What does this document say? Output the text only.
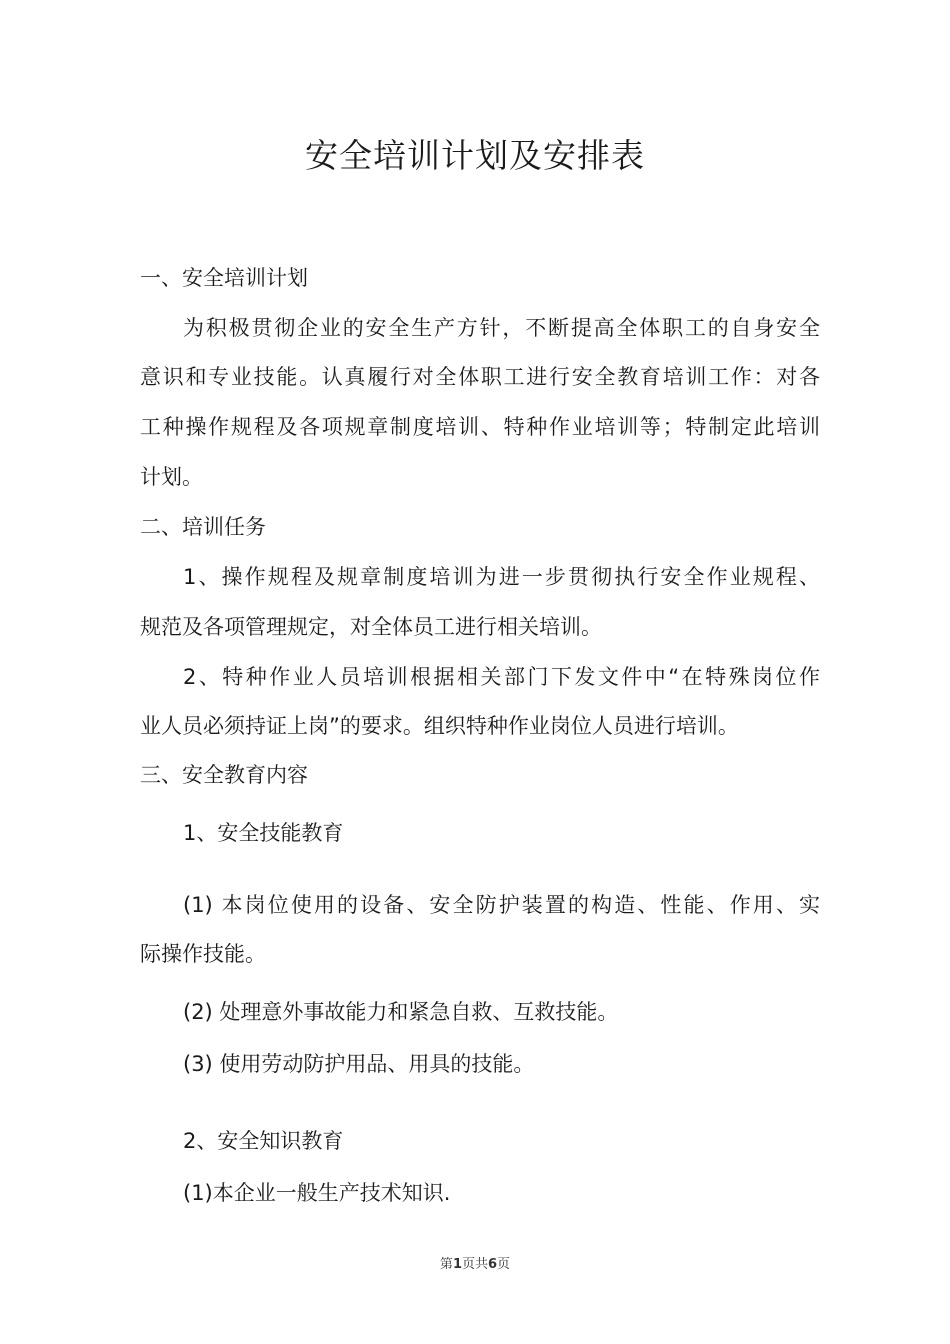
安全培训计划及安排表
一、安全培训计划
为积极贯彻企业的安全生产方针，不断提高全体职工的自身安全
意识和专业技能。认真履行对全体职工进行安全教育培训工作：对各
工种操作规程及各项规章制度培训、特种作业培训等；特制定此培训
计划。
二、培训任务
1、操作规程及规章制度培训为进一步贯彻执行安全作业规程、
规范及各项管理规定，对全体员工进行相关培训。
2、特种作业人员培训根据相关部门下发文件中“在特殊岗位作
业人员必须持证上岗”的要求。组织特种作业岗位人员进行培训。
三、安全教育内容
1、安全技能教育
(1) 本岗位使用的设备、安全防护装置的构造、性能、作用、实
际操作技能。
(2) 处理意外事故能力和紧急自救、互救技能。
(3) 使用劳动防护用品、用具的技能。
2、安全知识教育
(1)本企业一般生产技术知识.
第1页共6页
